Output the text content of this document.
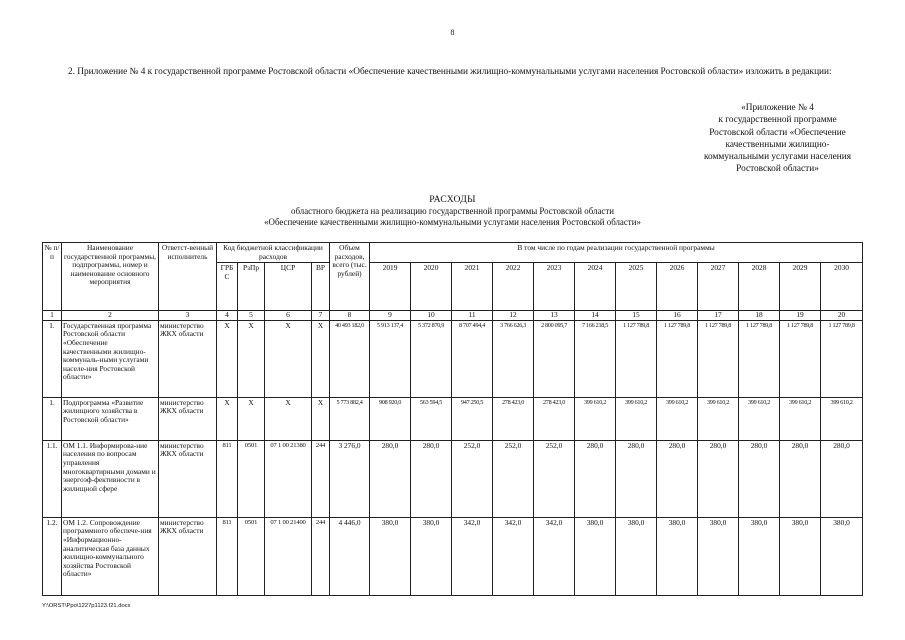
8
2. Приложение № 4 к государственной программе Ростовской области «Обеспечение качественными жилищно-коммунальными услугами населения Ростовской области» изложить в редакции:
«Приложение № 4
к государственной программе
Ростовской области «Обеспечение
качественными жилищно-
коммунальными услугами населения
Ростовской области»
РАСХОДЫ
областного бюджета на реализацию государственной программы Ростовской области
«Обеспечение качественными жилищно-коммунальными услугами населения Ростовской области»
№ п/п	Наименование государственной программы, подпрограммы, номер и наименование основного мероприятия	Ответст-венный исполнитель	Код бюджетной классификации расходов				Объем расходов, всего (тыс. рублей)	В том числе по годам реализации государственной программы											
			ГРБ С	РзПр	ЦСР	ВР		2019	2020	2021	2022	2023	2024	2025	2026	2027	2028	2029	2030
1	2	3	4	5	6	7	8	9	10	11	12	13	14	15	16	17	18	19	20
I.	Государственная программа Ростовской области «Обеспечение качественными жилищно-коммуналь-ными услугами населе-ния Ростовской области»	министерство ЖКХ области	X	X	X	X	40 493 182,0	5 913 137,4	5 372 870,9	8 707 494,4	3 766 626,3	2 800 095,7	7 166 218,5	1 127 789,8	1 127 789,8	1 127 789,8	1 127 789,8	1 127 789,8	1 127 789,8
1.	Подпрограмма «Развитие жилищного хозяйства в Ростовской области»	министерство ЖКХ области	X	X	X	X	5 773 882,4	908 920,0	563 594,5	947 250,5	278 423,0	278 423,0	399 610,2	399 610,2	399 610,2	399 610,2	399 610,2	399 610,2	399 610,2
1.1.	ОМ 1.1. Информирова-ние населения по вопросам управления многоквартирными домами и энергоэф-фективности в жилищной сфере	министерство ЖКХ области	811	0501	07 1 00 21380	244	3 276,0	280,0	280,0	252,0	252,0	252,0	280,0	280,0	280,0	280,0	280,0	280,0	280,0
1.2.	ОМ 1.2. Сопровождение программного обеспече-ния «Информационно-аналитическая база данных жилищно-коммунального хозяйства Ростовской области»	министерство ЖКХ области	811	0501	07 1 00 21400	244	4 446,0	380,0	380,0	342,0	342,0	342,0	380,0	380,0	380,0	380,0	380,0	380,0	380,0
Y:\ORST\Ppo\1227p1123.f21.docx
